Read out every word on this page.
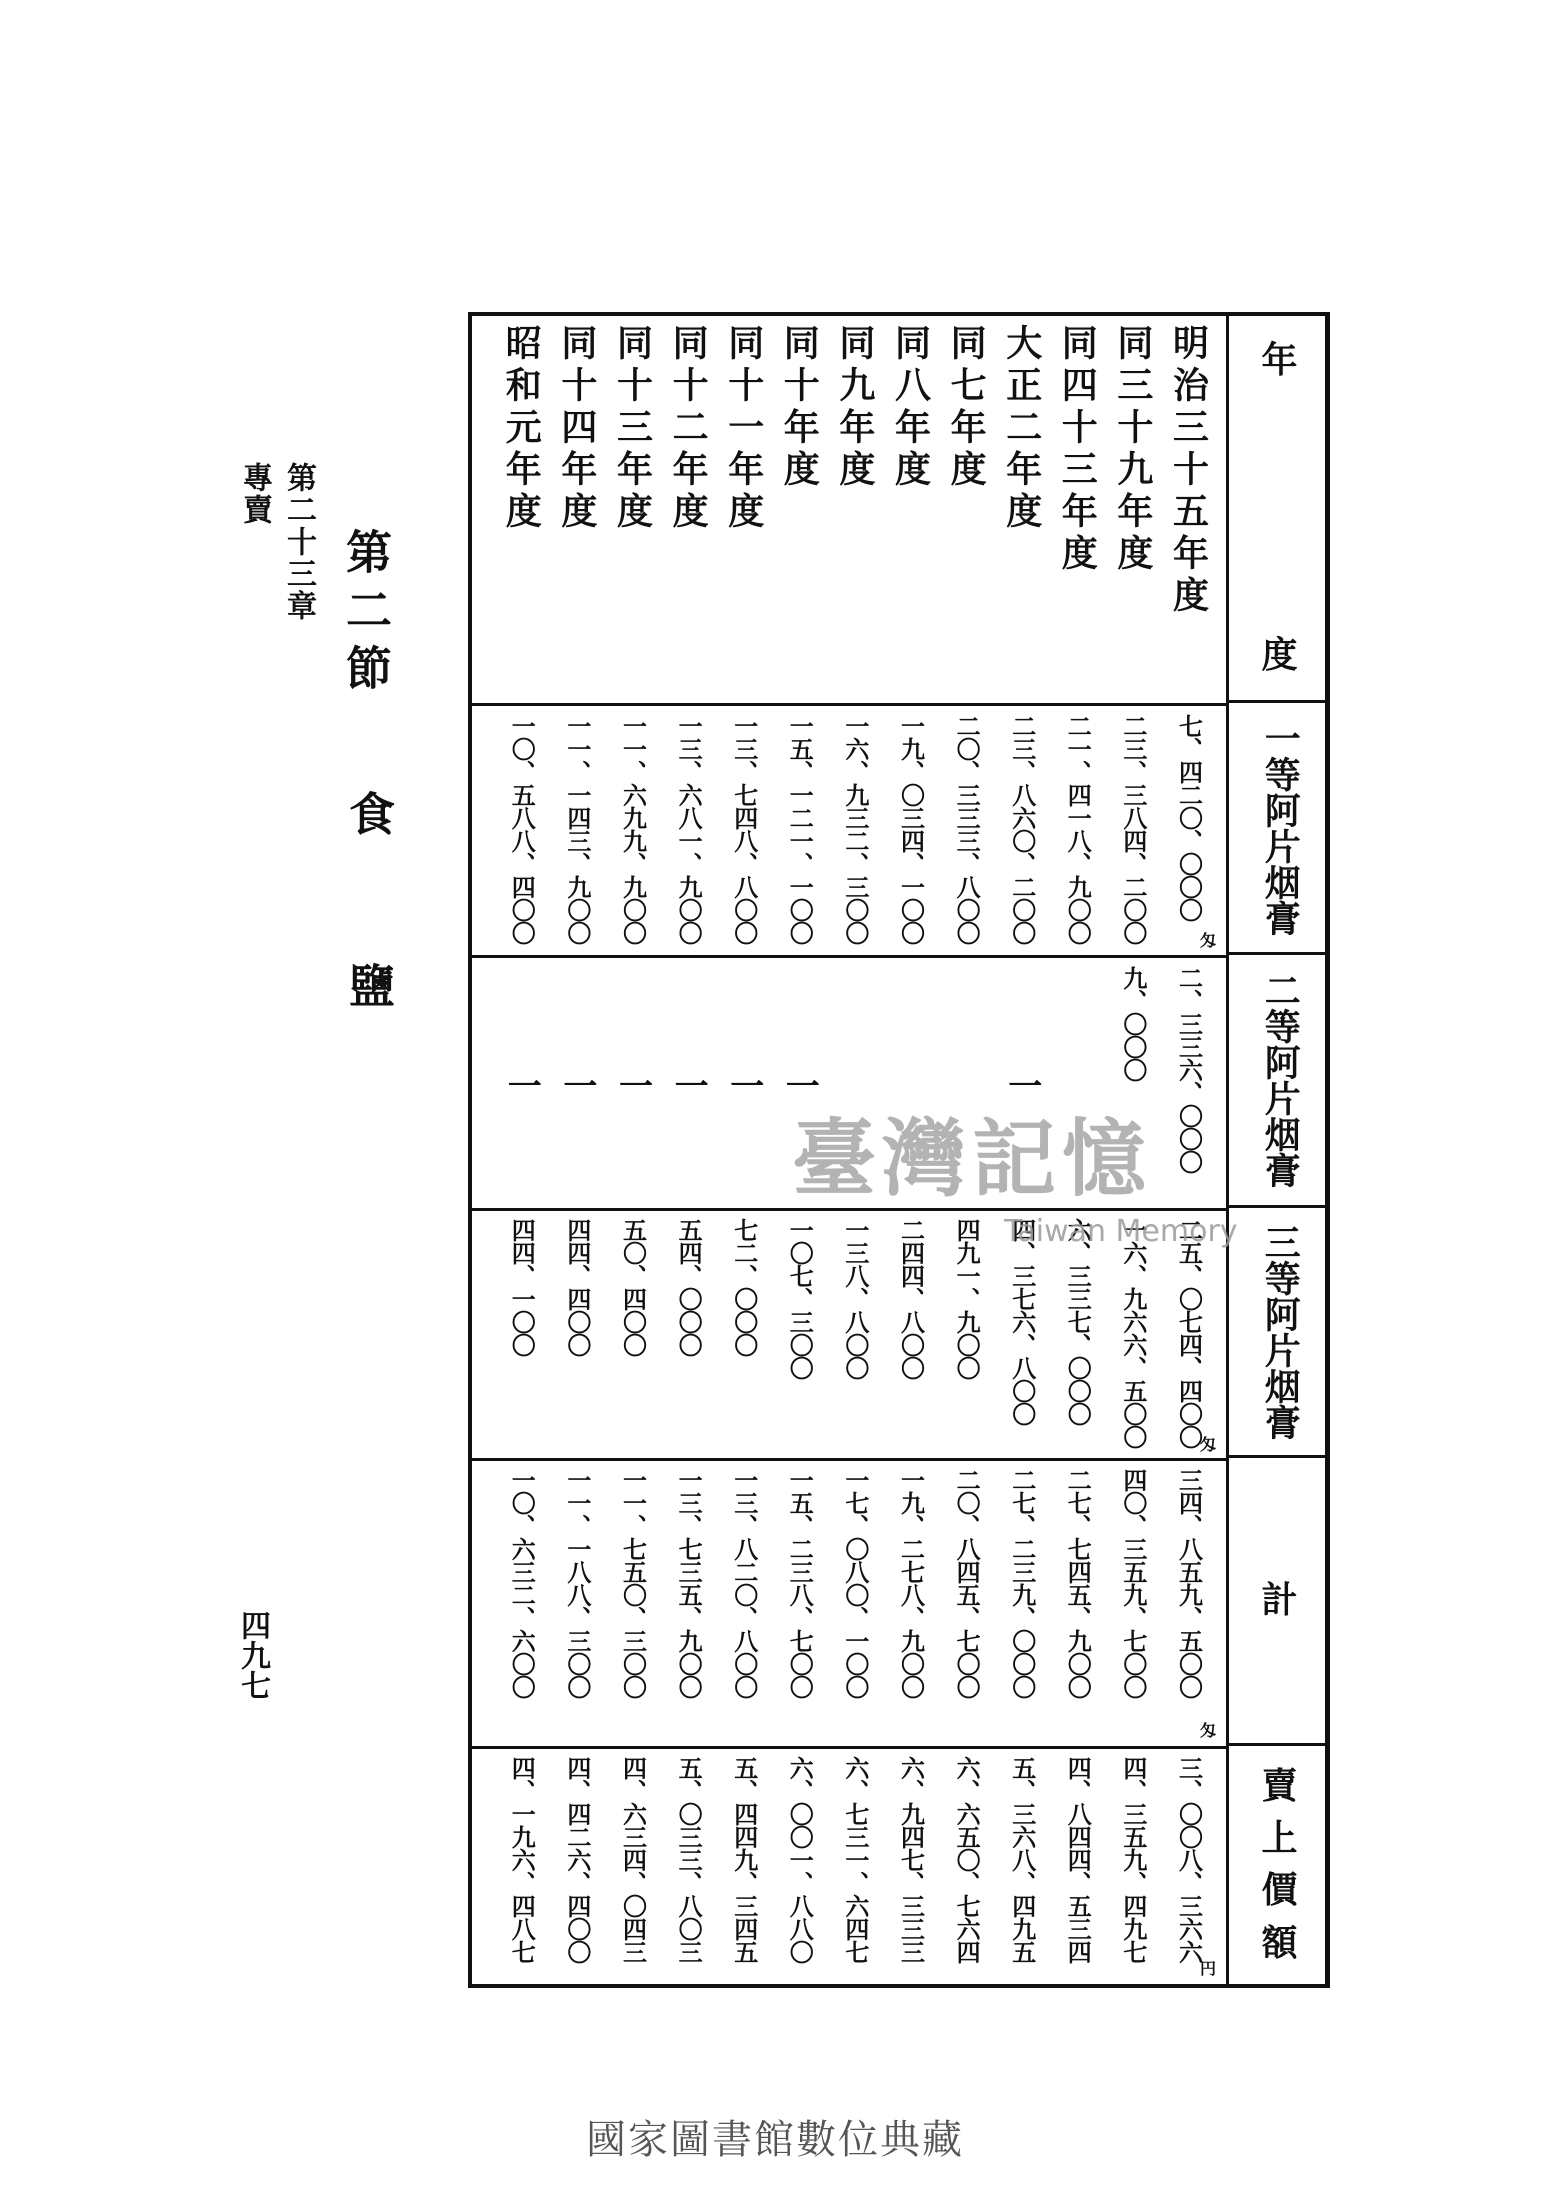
第二十三章
專賣
四九七
第二節
食
鹽
年
度
一等阿片烟膏
二等阿片烟膏
三等阿片烟膏
計
賣
上
價
額
匁
匁
匁
円
明治三十五年度
七、四二〇、〇〇〇
二、三三六、〇〇〇
二五、〇七四、四〇〇
三四、八五九、五〇〇
三、〇〇八、三六六
同三十九年度
二三、三八四、二〇〇
九、〇〇〇
一六、九六六、五〇〇
四〇、三五九、七〇〇
四、三五九、四九七
同四十三年度
二一、四一八、九〇〇
六、三三七、〇〇〇
二七、七四五、九〇〇
四、八四四、五三四
大正二年度
二三、八六〇、二〇〇
一
四、三七六、八〇〇
二七、二三九、〇〇〇
五、三六八、四九五
同七年度
二〇、三三三、八〇〇
四九一、九〇〇
二〇、八四五、七〇〇
六、六五〇、七六四
同八年度
一九、〇三四、一〇〇
二四四、八〇〇
一九、二七八、九〇〇
六、九四七、三三三
同九年度
一六、九三二、三〇〇
一三八、八〇〇
一七、〇八〇、一〇〇
六、七三一、六四七
同十年度
一五、一二一、一〇〇
一
一〇七、三〇〇
一五、二三八、七〇〇
六、〇〇一、八八〇
同十一年度
一三、七四八、八〇〇
一
七二、〇〇〇
一三、八二〇、八〇〇
五、四四九、三四五
同十二年度
一三、六八一、九〇〇
一
五四、〇〇〇
一三、七三五、九〇〇
五、〇三三、八〇三
同十三年度
一一、六九九、九〇〇
一
五〇、四〇〇
一一、七五〇、三〇〇
四、六三四、〇四三
同十四年度
一一、一四三、九〇〇
一
四四、四〇〇
一一、一八八、三〇〇
四、四二六、四〇〇
昭和元年度
一〇、五八八、四〇〇
一
四四、一〇〇
一〇、六三二、六〇〇
四、一九六、四八七
臺灣記憶
Taiwan Memory
國家圖書館數位典藏
